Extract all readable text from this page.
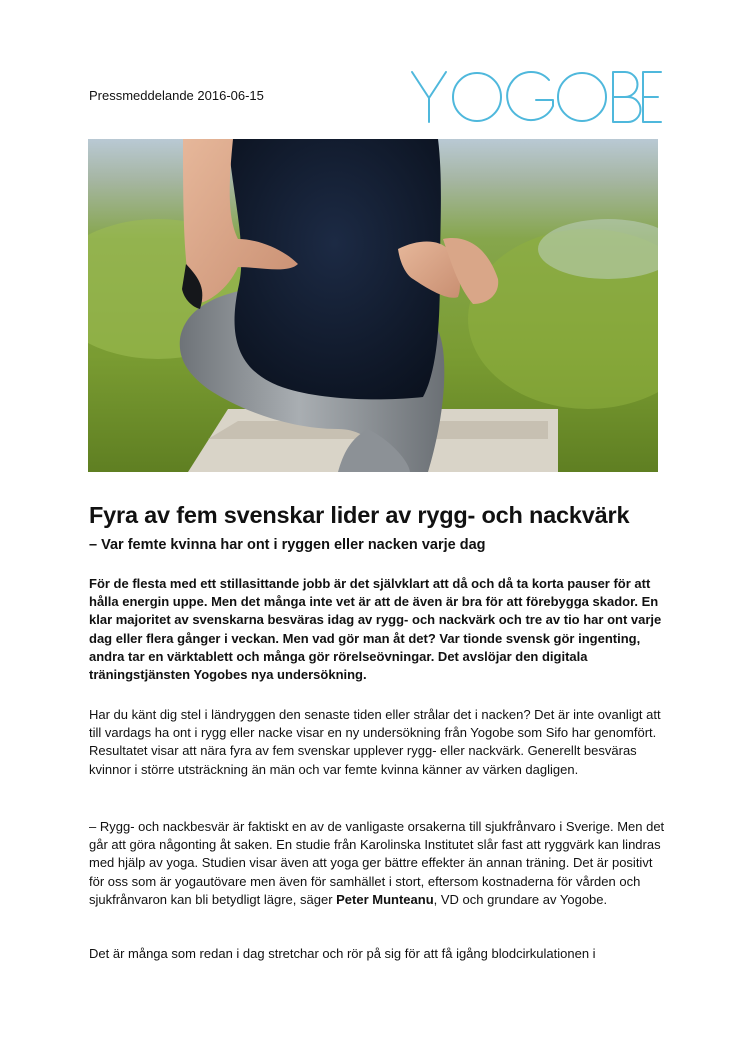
Pressmeddelande 2016-06-15
Fyra av fem svenskar lider av rygg- och nackvärk
– Var femte kvinna har ont i ryggen eller nacken varje dag

För de flesta med ett stillasittande jobb är det självklart att då och då ta korta pauser för att hålla energin uppe. Men det många inte vet är att de även är bra för att förebygga skador. En klar majoritet av svenskarna besväras idag av rygg- och nackvärk och tre av tio har ont varje dag eller flera gånger i veckan. Men vad gör man åt det? Var tionde svensk gör ingenting, andra tar en värktablett och många gör rörelseövningar. Det avslöjar den digitala träningstjänsten Yogobes nya undersökning.

Har du känt dig stel i ländryggen den senaste tiden eller strålar det i nacken? Det är inte ovanligt att till vardags ha ont i rygg eller nacke visar en ny undersökning från Yogobe som Sifo har genomfört. Resultatet visar att nära fyra av fem svenskar upplever rygg- eller nackvärk. Generellt besväras kvinnor i större utsträckning än män och var femte kvinna känner av värken dagligen.

– Rygg- och nackbesvär är faktiskt en av de vanligaste orsakerna till sjukfrånvaro i Sverige. Men det går att göra någonting åt saken. En studie från Karolinska Institutet slår fast att ryggvärk kan lindras med hjälp av yoga. Studien visar även att yoga ger bättre effekter än annan träning. Det är positivt för oss som är yogautövare men även för samhället i stort, eftersom kostnaderna för vården och sjukfrånvaron kan bli betydligt lägre, säger Peter Munteanu, VD och grundare av Yogobe.

Det är många som redan i dag stretchar och rör på sig för att få igång blodcirkulationen i
